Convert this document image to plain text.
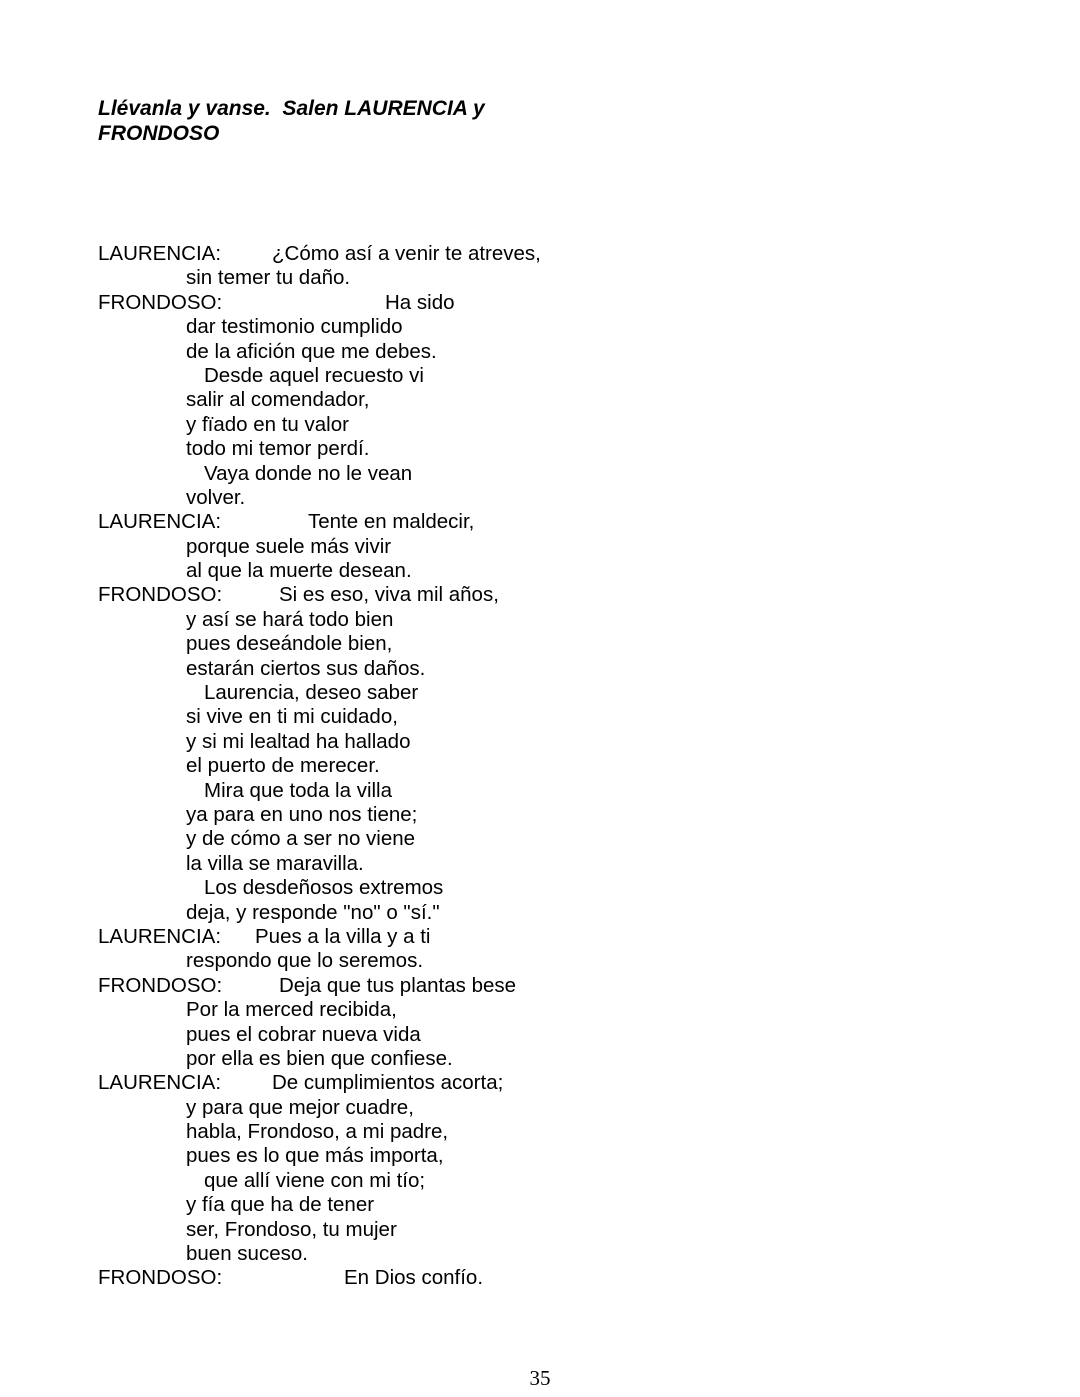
Llévanla y vanse.  Salen LAURENCIA y
FRONDOSO
LAURENCIA: ¿Cómo así a venir te atreves,
sin temer tu daño.
FRONDOSO:	Ha sido
dar testimonio cumplido
de la afición que me debes.
Desde aquel recuesto vi
salir al comendador,
y fïado en tu valor
todo mi temor perdí.
Vaya donde no le vean
volver.
LAURENCIA:	Tente en maldecir,
porque suele más vivir
al que la muerte desean.
FRONDOSO:	Si es eso, viva mil años,
y así se hará todo bien
pues deseándole bien,
estarán ciertos sus daños.
Laurencia, deseo saber
si vive en ti mi cuidado,
y si mi lealtad ha hallado
el puerto de merecer.
Mira que toda la villa
ya para en uno nos tiene;
y de cómo a ser no viene
la villa se maravilla.
Los desdeñosos extremos
deja, y responde "no" o "sí."
LAURENCIA: Pues a la villa y a ti
respondo que lo seremos.
FRONDOSO:	Deja que tus plantas bese
Por la merced recibida,
pues el cobrar nueva vida
por ella es bien que confiese.
LAURENCIA: De cumplimientos acorta;
y para que mejor cuadre,
habla, Frondoso, a mi padre,
pues es lo que más importa,
que allí viene con mi tío;
y fía que ha de tener
ser, Frondoso, tu mujer
buen suceso.
FRONDOSO:	En Dios confío.
35
